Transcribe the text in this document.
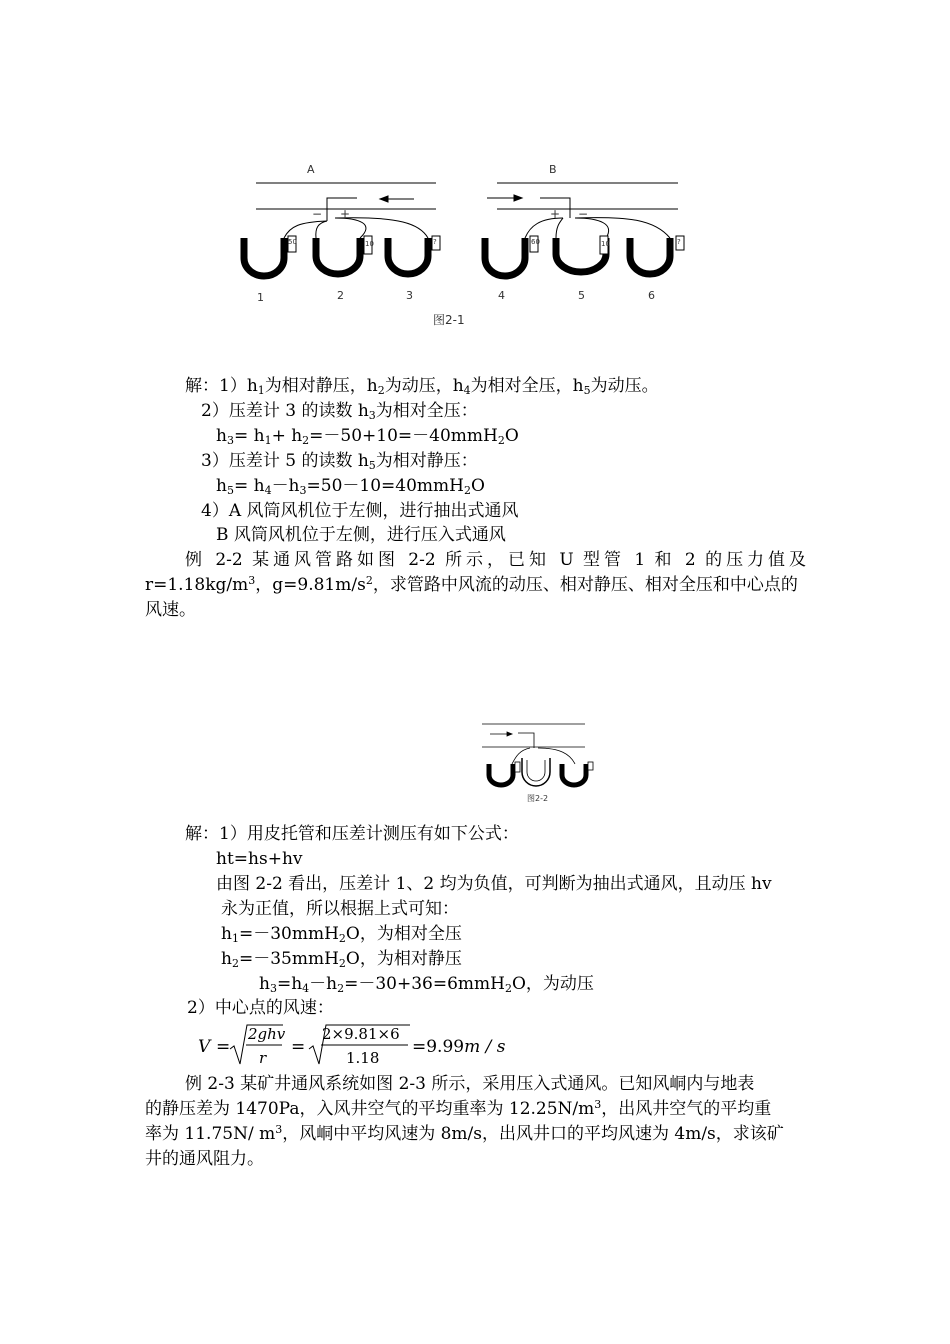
A	B
− +	+ −
50	10	?	60	10	?
1	2	3	4	5	6
图2-1
解：$1)h_1$为相对静压，$h_2$为动压，$h_4$为相对全压，$h_5$为动压。
2）压差计 3 的读数 $h_3$为相对全压：
$h_3= h_1+ h_2=-50+10=-40mmH_2O$
3）压差计 5 的读数 $h_5$为相对静压：
$h_5= h_4-h_3=50-10=40mmH_2O$
4）A 风筒风机位于左侧，进行抽出式通风
B 风筒风机位于左侧，进行压入式通风
例 2-2 某通风管路如图 2-2 所示，已知 U 型管 1 和 2 的压力值及
$r=1.18kg/m^3$，$g=9.81m/s^2$，求管路中风流的动压、相对静压、相对全压和中心点的
风速。
图2-2
解：1）用皮托管和压差计测压有如下公式：
ht=hs+hv
由图 2-2 看出，压差计 1、2 均为负值，可判断为抽出式通风，且动压 hv
永为正值，所以根据上式可知：
$h_1=-30mmH_2O$，为相对全压
$h_2=-35mmH_2O$，为相对静压
$h_3=h_4-h_2=-30+36=6mmH_2O$，为动压
2）中心点的风速：
V =
2ghv
r
=
2×9.81×6
1.18
=9.99m / s
例 2-3 某矿井通风系统如图 2-3 所示，采用压入式通风。已知风峒内与地表
的静压差为 1470Pa，入风井空气的平均重率为 $12.25N/m^3$，出风井空气的平均重
率为 11.75N/ $m^3$，风峒中平均风速为 8m/s，出风井口的平均风速为 4m/s，求该矿
井的通风阻力。
